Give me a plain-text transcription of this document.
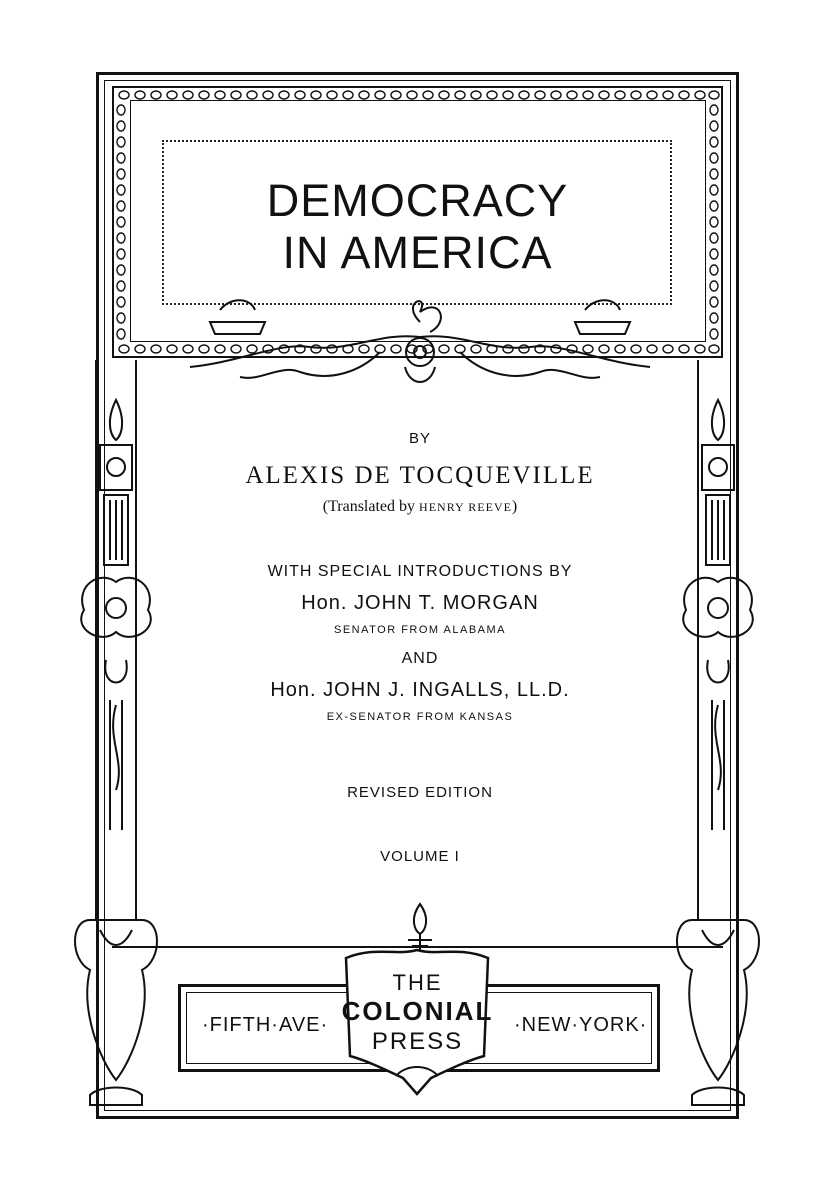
DEMOCRACY
IN AMERICA
BY
ALEXIS DE TOCQUEVILLE
(Translated by HENRY REEVE)
WITH SPECIAL INTRODUCTIONS BY
Hon. JOHN T. MORGAN
SENATOR FROM ALABAMA
AND
Hon. JOHN J. INGALLS, LL.D.
EX-SENATOR FROM KANSAS
REVISED EDITION
VOLUME I
·FIFTH·AVE·	·NEW·YORK·
THE
COLONIAL
PRESS
